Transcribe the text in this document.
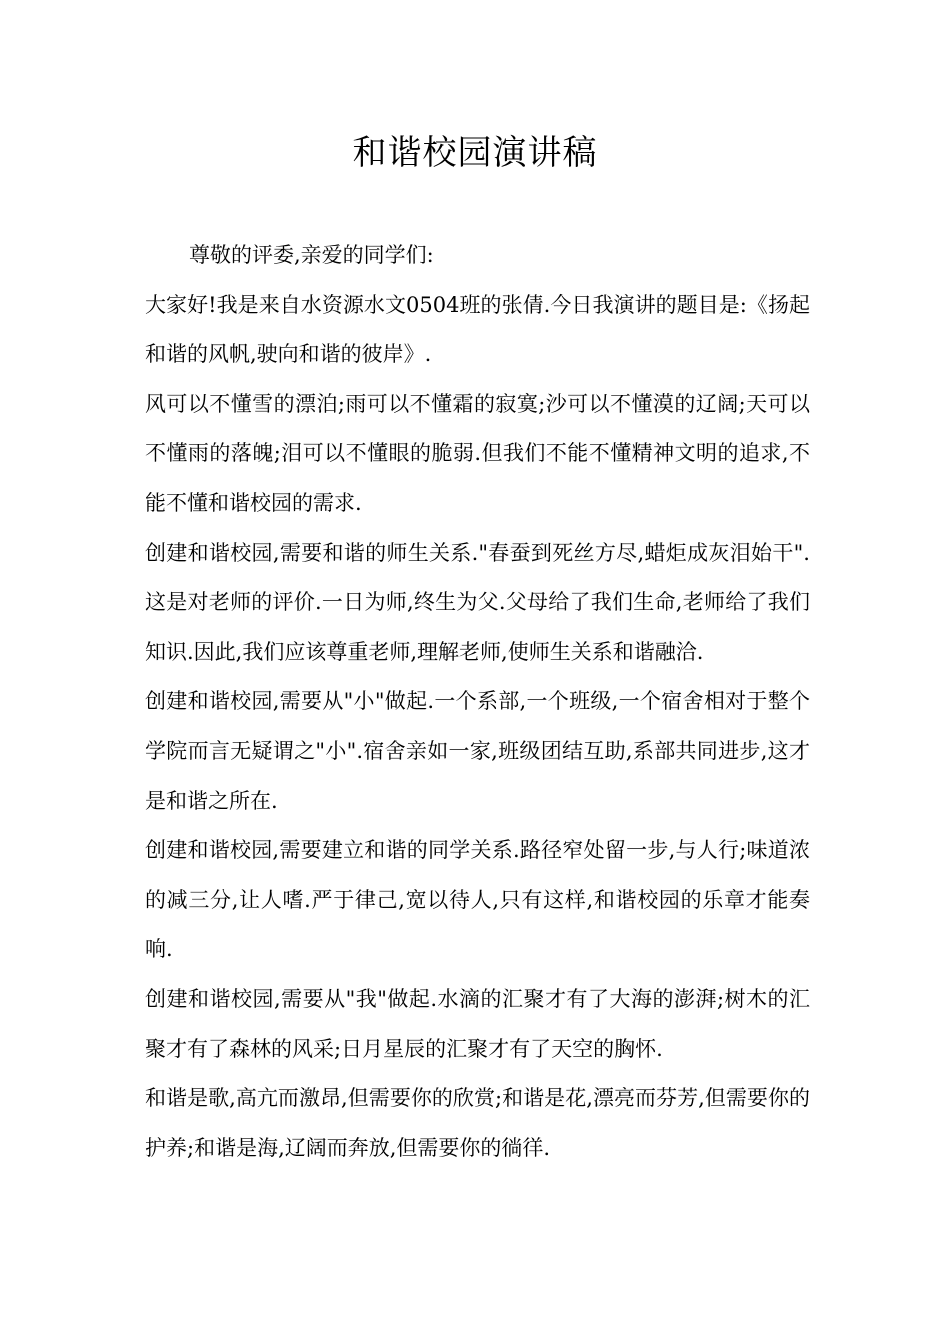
和谐校园演讲稿

尊敬的评委,亲爱的同学们:

大家好!我是来自水资源水文0504班的张倩.今日我演讲的题目是:《扬起和谐的风帆,驶向和谐的彼岸》.

风可以不懂雪的漂泊;雨可以不懂霜的寂寞;沙可以不懂漠的辽阔;天可以不懂雨的落魄;泪可以不懂眼的脆弱.但我们不能不懂精神文明的追求,不能不懂和谐校园的需求.

创建和谐校园,需要和谐的师生关系."春蚕到死丝方尽,蜡炬成灰泪始干".这是对老师的评价.一日为师,终生为父.父母给了我们生命,老师给了我们知识.因此,我们应该尊重老师,理解老师,使师生关系和谐融洽.

创建和谐校园,需要从"小"做起.一个系部,一个班级,一个宿舍相对于整个学院而言无疑谓之"小".宿舍亲如一家,班级团结互助,系部共同进步,这才是和谐之所在.

创建和谐校园,需要建立和谐的同学关系.路径窄处留一步,与人行;味道浓的减三分,让人嗜.严于律己,宽以待人,只有这样,和谐校园的乐章才能奏响.

创建和谐校园,需要从"我"做起.水滴的汇聚才有了大海的澎湃;树木的汇聚才有了森林的风采;日月星辰的汇聚才有了天空的胸怀.

和谐是歌,高亢而激昂,但需要你的欣赏;和谐是花,漂亮而芬芳,但需要你的护养;和谐是海,辽阔而奔放,但需要你的徜徉.
